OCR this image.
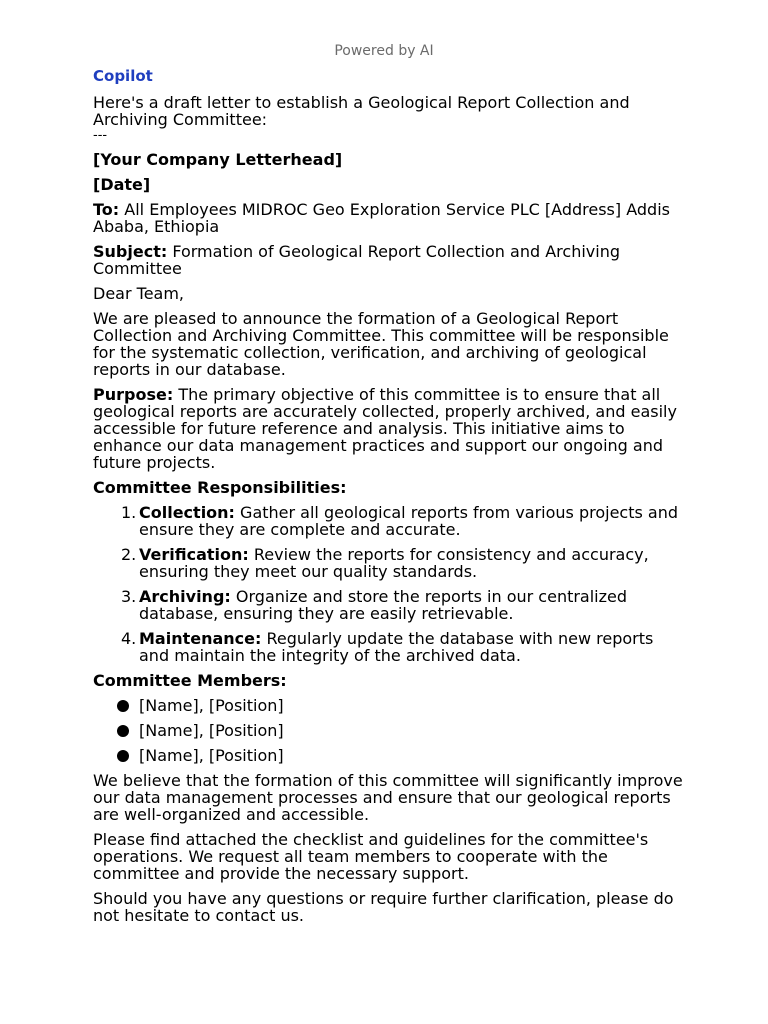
Powered by AI
Copilot

Here's a draft letter to establish a Geological Report Collection and Archiving Committee:

---

[Your Company Letterhead]

[Date]

To: All Employees MIDROC Geo Exploration Service PLC [Address] Addis Ababa, Ethiopia

Subject: Formation of Geological Report Collection and Archiving Committee

Dear Team,

We are pleased to announce the formation of a Geological Report Collection and Archiving Committee. This committee will be responsible for the systematic collection, verification, and archiving of geological reports in our database.

Purpose: The primary objective of this committee is to ensure that all geological reports are accurately collected, properly archived, and easily accessible for future reference and analysis. This initiative aims to enhance our data management practices and support our ongoing and future projects.

Committee Responsibilities:

1. Collection: Gather all geological reports from various projects and ensure they are complete and accurate.
2. Verification: Review the reports for consistency and accuracy, ensuring they meet our quality standards.
3. Archiving: Organize and store the reports in our centralized database, ensuring they are easily retrievable.
4. Maintenance: Regularly update the database with new reports and maintain the integrity of the archived data.

Committee Members:

[Name], [Position]
[Name], [Position]
[Name], [Position]

We believe that the formation of this committee will significantly improve our data management processes and ensure that our geological reports are well-organized and accessible.

Please find attached the checklist and guidelines for the committee's operations. We request all team members to cooperate with the committee and provide the necessary support.

Should you have any questions or require further clarification, please do not hesitate to contact us.
